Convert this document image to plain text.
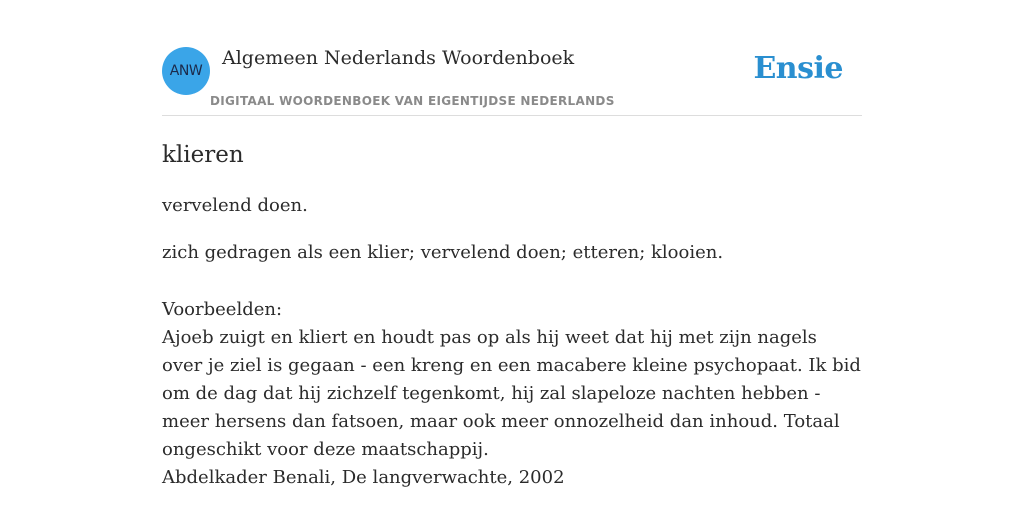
ANW
Algemeen Nederlands Woordenboek
DIGITAAL WOORDENBOEK VAN EIGENTIJDSE NEDERLANDS
Ensie
klieren
vervelend doen.
zich gedragen als een klier; vervelend doen; etteren; klooien.
Voorbeelden:
Ajoeb zuigt en kliert en houdt pas op als hij weet dat hij met zijn nagels over je ziel is gegaan - een kreng en een macabere kleine psychopaat. Ik bid om de dag dat hij zichzelf tegenkomt, hij zal slapeloze nachten hebben - meer hersens dan fatsoen, maar ook meer onnozelheid dan inhoud. Totaal ongeschikt voor deze maatschappij.
Abdelkader Benali, De langverwachte, 2002
